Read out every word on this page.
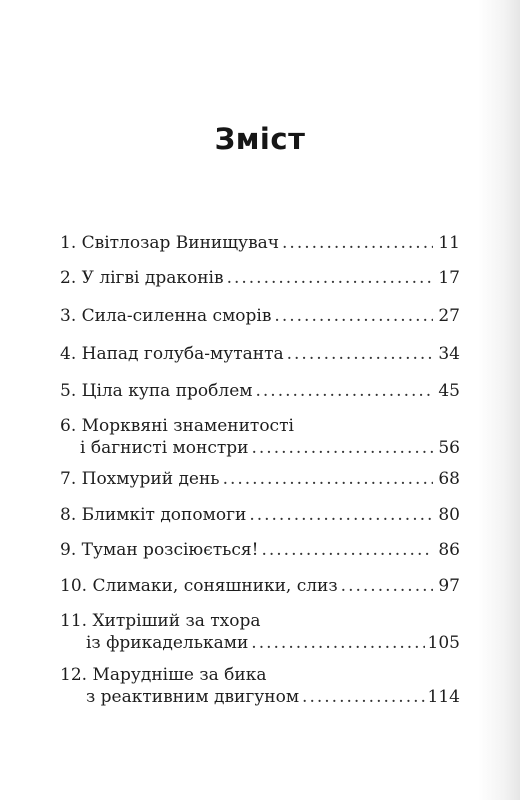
Зміст
1. Світлозар Винищувач .....	11
2. У лігві драконів .....	17
3. Сила-силенна сморів .....	27
4. Напад голуба-мутанта .....	34
5. Ціла купа проблем .....	45
6. Морквяні знаменитості
і багнисті монстри .....	56
7. Похмурий день .....	68
8. Блимкіт допомоги .....	80
9. Туман розсіюється! .....	86
10. Слимаки, соняшники, слиз .....	97
11. Хитріший за тхора
із фрикадельками .....	105
12. Марудніше за бика
з реактивним двигуном .....	114
